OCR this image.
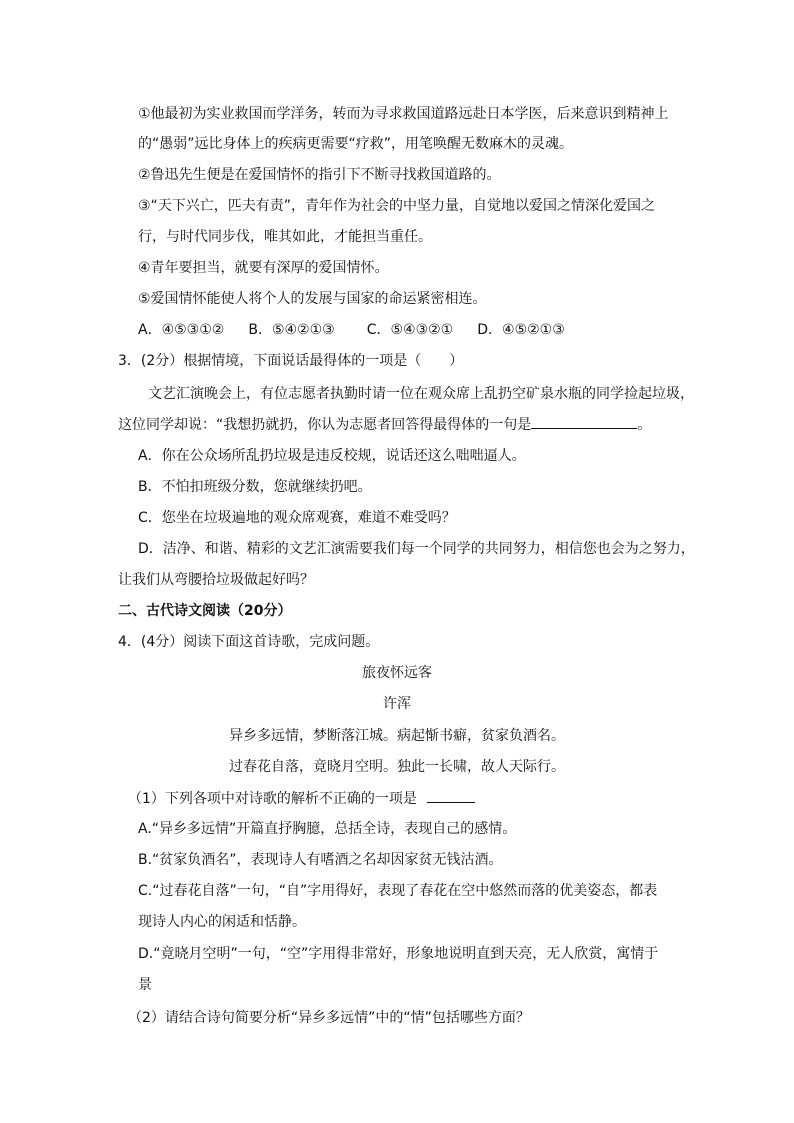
①他最初为实业救国而学洋务，转而为寻求救国道路远赴日本学医，后来意识到精神上
的“愚弱”远比身体上的疾病更需要“疗救”，用笔唤醒无数麻木的灵魂。
②鲁迅先生便是在爱国情怀的指引下不断寻找救国道路的。
③“天下兴亡，匹夫有责”，青年作为社会的中坚力量，自觉地以爱国之情深化爱国之
行，与时代同步伐，唯其如此，才能担当重任。
④青年要担当，就要有深厚的爱国情怀。
⑤爱国情怀能使人将个人的发展与国家的命运紧密相连。
A．④⑤③①② B．⑤④②①③ C．⑤④③②① D．④⑤②①③
3．(2分）根据情境，下面说话最得体的一项是（　　）
文艺汇演晚会上，有位志愿者执勤时请一位在观众席上乱扔空矿泉水瓶的同学捡起垃圾，
这位同学却说：“我想扔就扔，你认为志愿者回答得最得体的一句是	。
A．你在公众场所乱扔垃圾是违反校规，说话还这么咄咄逼人。
B．不怕扣班级分数，您就继续扔吧。
C．您坐在垃圾遍地的观众席观赛，难道不难受吗？
D．洁净、和谐、精彩的文艺汇演需要我们每一个同学的共同努力，相信您也会为之努力，
让我们从弯腰拾垃圾做起好吗？
二、古代诗文阅读（20分）
4．(4分）阅读下面这首诗歌，完成问题。
旅夜怀远客
许浑
异乡多远情，梦断落江城。病起惭书癖，贫家负酒名。
过春花自落，竟晓月空明。独此一长啸，故人天际行。
（1）下列各项中对诗歌的解析不正确的一项是
A.“异乡多远情”开篇直抒胸臆，总括全诗，表现自己的感情。
B.“贫家负酒名”，表现诗人有嗜酒之名却因家贫无钱沽酒。
C.“过春花自落”一句，“自”字用得好，表现了春花在空中悠然而落的优美姿态，都表
现诗人内心的闲适和恬静。
D.“竟晓月空明”一句，“空”字用得非常好，形象地说明直到天亮，无人欣赏，寓情于
景
（2）请结合诗句简要分析“异乡多远情”中的“情”包括哪些方面？
